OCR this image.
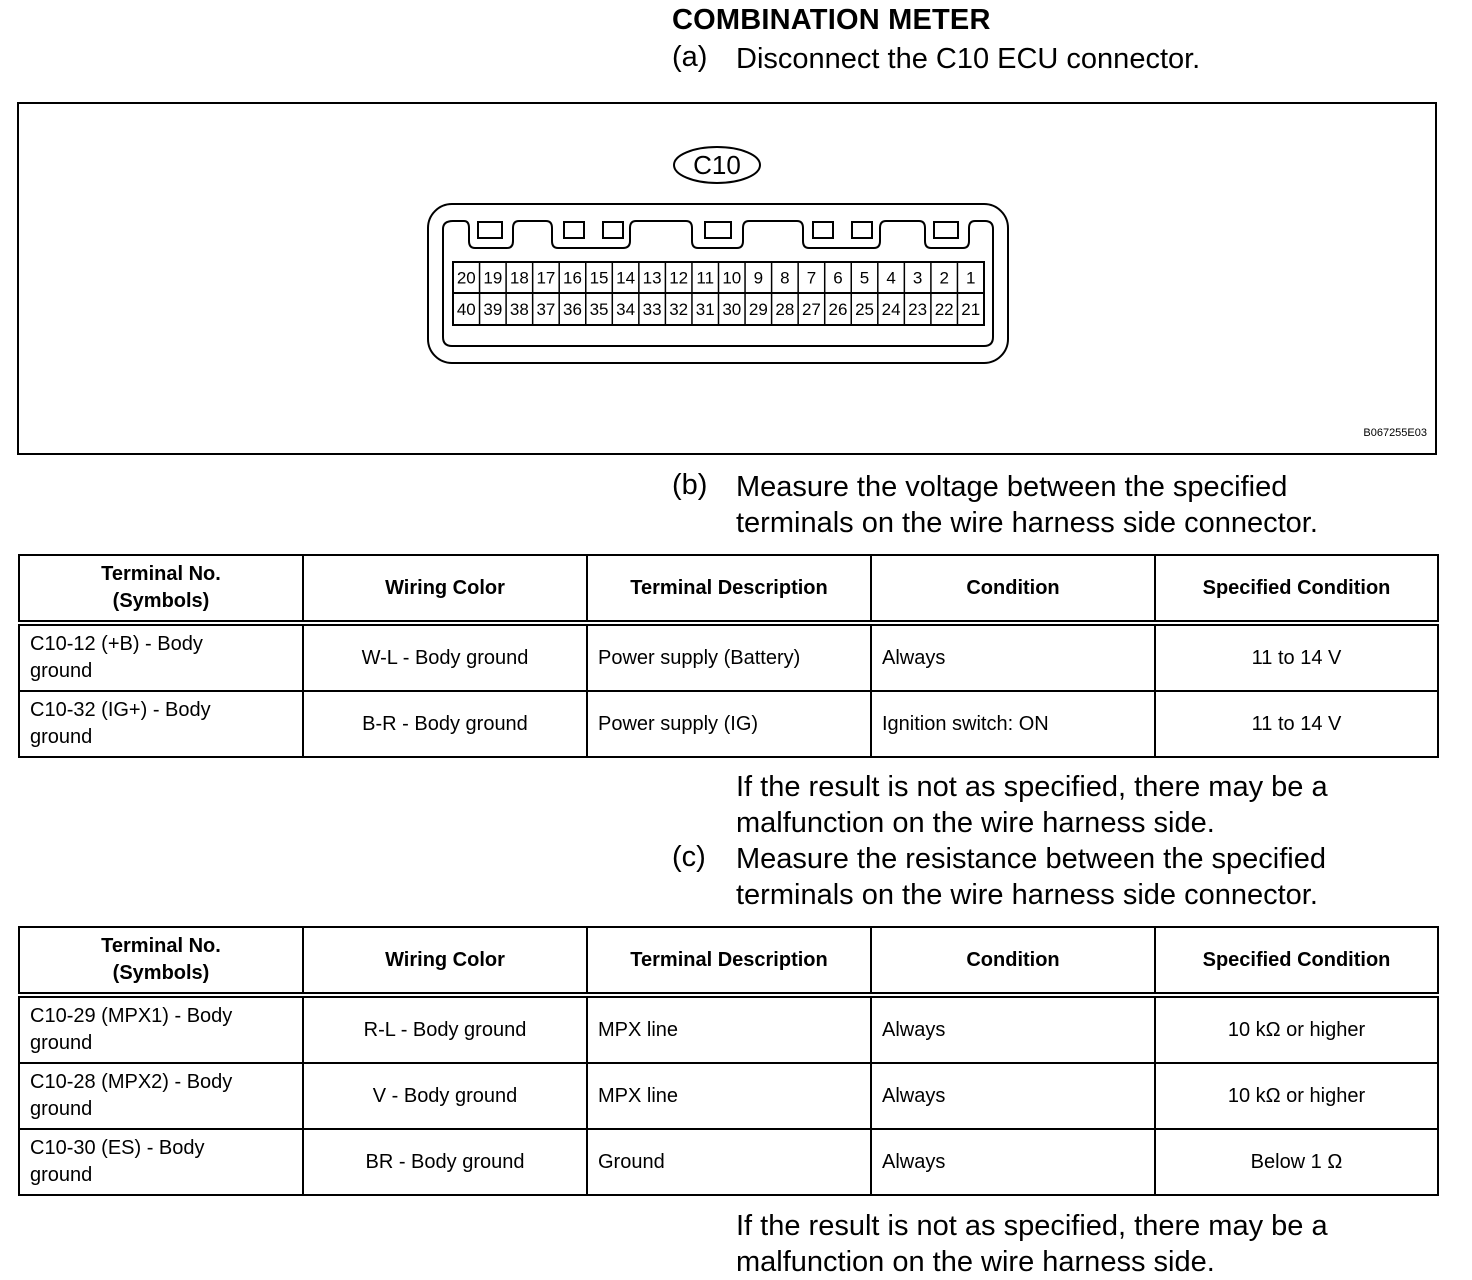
COMBINATION METER
(a) Disconnect the C10 ECU connector.
C10
20 19 18 17 16 15 14 13 12 11 10 9 8 7 6 5 4 3 2 1
40 39 38 37 36 35 34 33 32 31 30 29 28 27 26 25 24 23 22 21
B067255E03
(b) Measure the voltage between the specified
terminals on the wire harness side connector.
Terminal No.
(Symbols)	Wiring Color	Terminal Description	Condition	Specified Condition

C10-12 (+B) - Body
ground	W-L - Body ground	Power supply (Battery)	Always	11 to 14 V

C10-32 (IG+) - Body
ground	B-R - Body ground	Power supply (IG)	Ignition switch: ON	11 to 14 V
If the result is not as specified, there may be a
malfunction on the wire harness side.
(c) Measure the resistance between the specified
terminals on the wire harness side connector.
Terminal No.
(Symbols)	Wiring Color	Terminal Description	Condition	Specified Condition

C10-29 (MPX1) - Body
ground	R-L - Body ground	MPX line	Always	10 kΩ or higher

C10-28 (MPX2) - Body
ground	V - Body ground	MPX line	Always	10 kΩ or higher

C10-30 (ES) - Body
ground	BR - Body ground	Ground	Always	Below 1 Ω
If the result is not as specified, there may be a
malfunction on the wire harness side.
